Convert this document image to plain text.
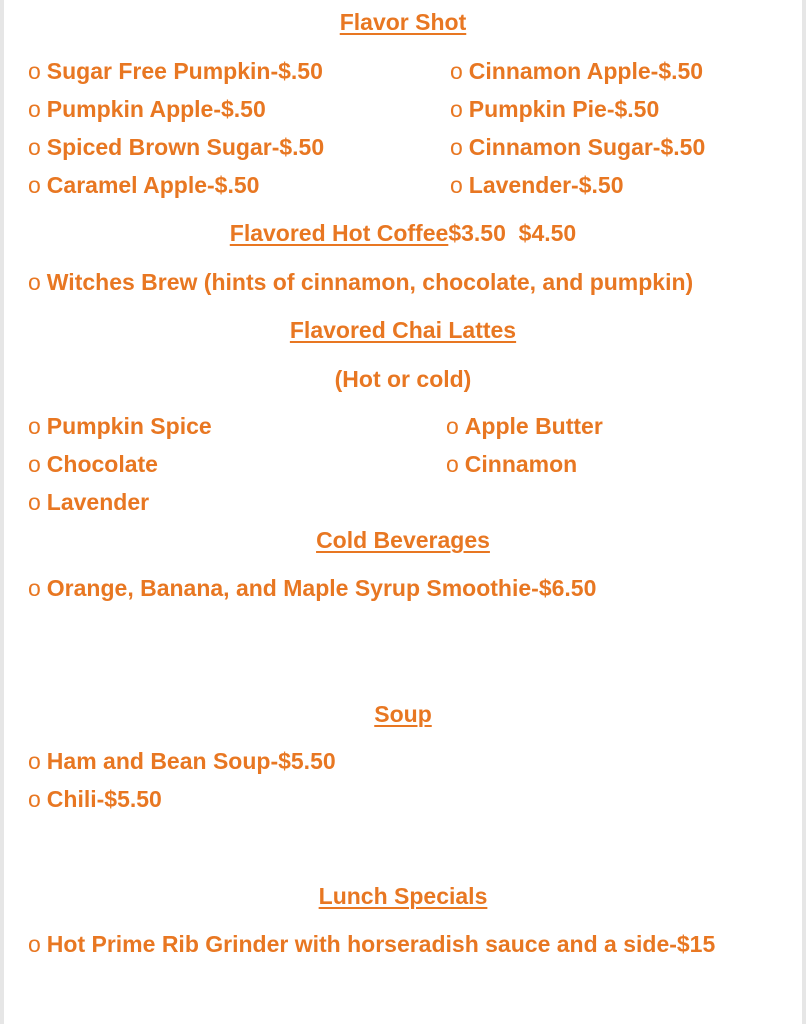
Flavor Shot
o Sugar Free Pumpkin-$.50
o Pumpkin Apple-$.50
o Spiced Brown Sugar-$.50
o Caramel Apple-$.50
o Cinnamon Apple-$.50
o Pumpkin Pie-$.50
o Cinnamon Sugar-$.50
o Lavender-$.50
Flavored Hot Coffee$3.50  $4.50
o Witches Brew (hints of cinnamon, chocolate, and pumpkin)
Flavored Chai Lattes
(Hot or cold)
o Pumpkin Spice
o Chocolate
o Lavender
o Apple Butter
o Cinnamon
Cold Beverages
o Orange, Banana, and Maple Syrup Smoothie-$6.50
Soup
o Ham and Bean Soup-$5.50
o Chili-$5.50
Lunch Specials
o Hot Prime Rib Grinder with horseradish sauce and a side-$15
